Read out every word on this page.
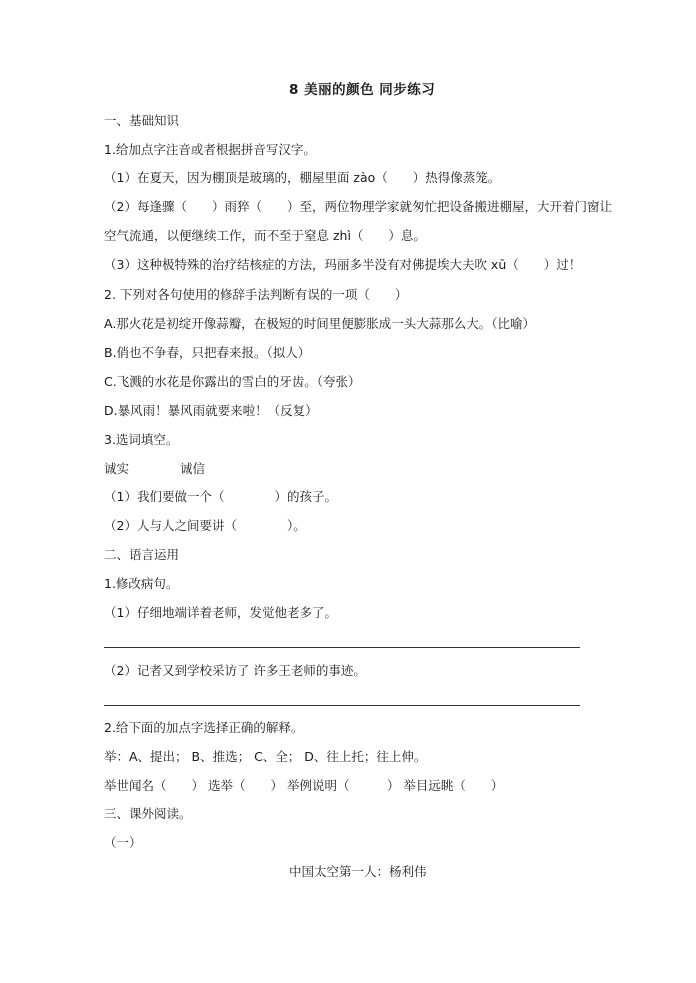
8 美丽的颜色 同步练习
一、基础知识
1.给加点字注音或者根据拼音写汉字。
（1）在夏天，因为棚顶是玻璃的，棚屋里面 zào（　　）热得像蒸笼。
（2）每逢骤（　　）雨猝（　　）至，两位物理学家就匆忙把设备搬进棚屋，大开着门窗让
空气流通，以便继续工作，而不至于窒息 zhì（　　）息。
（3）这种极特殊的治疗结核症的方法，玛丽多半没有对佛提埃大夫吹 xū（　　）过！
2. 下列对各句使用的修辞手法判断有误的一项（　　）
A.那火花是初绽开像蒜瓣，在极短的时间里便膨胀成一头大蒜那么大。（比喻）
B.俏也不争春，只把春来报。（拟人）
C.飞溅的水花是你露出的雪白的牙齿。（夸张）
D.暴风雨！暴风雨就要来啦！（反复）
3.选词填空。
诚实	诚信
（1）我们要做一个（　　　　）的孩子。
（2）人与人之间要讲（　　　　）。
二、语言运用
1.修改病句。
（1）仔细地端详着老师，发觉他老多了。
（2）记者又到学校采访了 许多王老师的事迹。
2.给下面的加点字选择正确的解释。
举：A、提出； B、推选； C、全； D、往上托；往上伸。
举世闻名（　　） 选举（　　） 举例说明（　　　） 举目远眺（　　）
三、课外阅读。
（一）
中国太空第一人：杨利伟
